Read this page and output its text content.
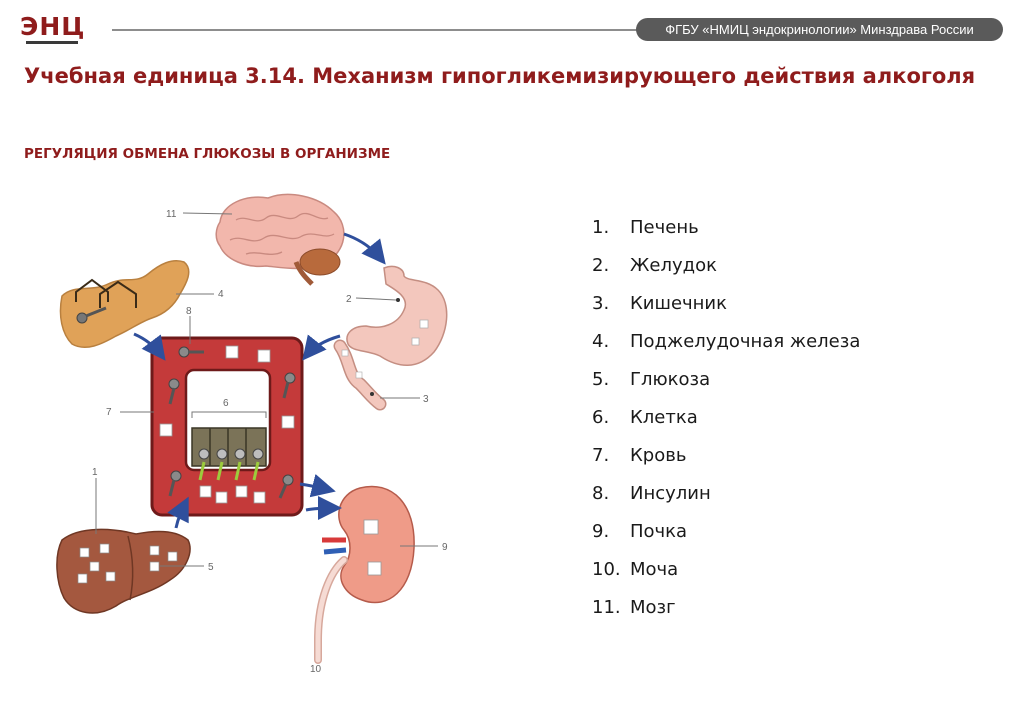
ЭНЦ	ФГБУ «НМИЦ эндокринологии» Минздрава России
Учебная единица 3.14. Механизм гипогликемизирующего действия алкоголя
РЕГУЛЯЦИЯ ОБМЕНА ГЛЮКОЗЫ В ОРГАНИЗМЕ
11
2
3
4
6
7
8
1
5
9
10
1. Печень
2. Желудок
3. Кишечник
4. Поджелудочная железа
5. Глюкоза
6. Клетка
7. Кровь
8. Инсулин
9. Почка
10. Моча
11. Мозг
